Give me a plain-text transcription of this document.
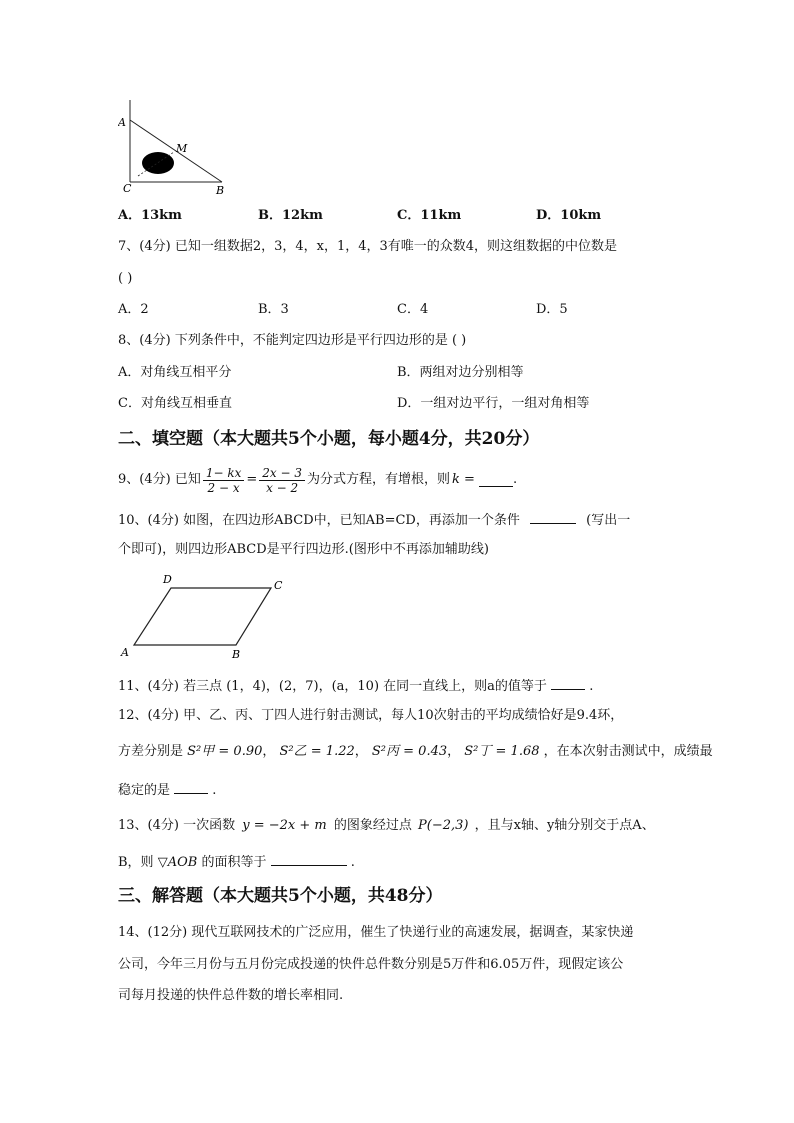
A
M
C	B
A．13km	B．12km	C．11km	D．10km
7、(4分) 已知一组数据2，3，4，x，1，4，3有唯一的众数4，则这组数据的中位数是
( )
A．2	B．3	C．4	D．5
8、(4分) 下列条件中，不能判定四边形是平行四边形的是 ( )
A．对角线互相平分	B．两组对边分别相等
C．对角线互相垂直	D．一组对边平行，一组对角相等
二、填空题（本大题共5个小题，每小题4分，共20分）
9、(4分) 已知 $\frac{1- kx}{2 - x} = \frac{2x - 3}{x - 2}$ 为分式方程，有增根，则 k =	.
10、(4分) 如图，在四边形ABCD中，已知AB=CD，再添加一个条件	(写出一
个即可)，则四边形ABCD是平行四边形.(图形中不再添加辅助线)
D	C
A	B
11、(4分) 若三点 (1，4)，(2，7)，(a，10) 在同一直线上，则a的值等于	.
12、(4分) 甲、乙、丙、丁四人进行射击测试，每人10次射击的平均成绩恰好是9.4环，
方差分别是 S²甲 = 0.90， S²乙 = 1.22， S²丙 = 0.43， S²丁 = 1.68 ，在本次射击测试中，成绩最
稳定的是	.
13、(4分) 一次函数 y = −2x + m 的图象经过点 P(−2,3) ，且与x轴、y轴分别交于点A、
B，则 ▽AOB 的面积等于	.
三、解答题（本大题共5个小题，共48分）
14、(12分) 现代互联网技术的广泛应用，催生了快递行业的高速发展，据调查，某家快递
公司，今年三月份与五月份完成投递的快件总件数分别是5万件和6.05万件，现假定该公
司每月投递的快件总件数的增长率相同.
